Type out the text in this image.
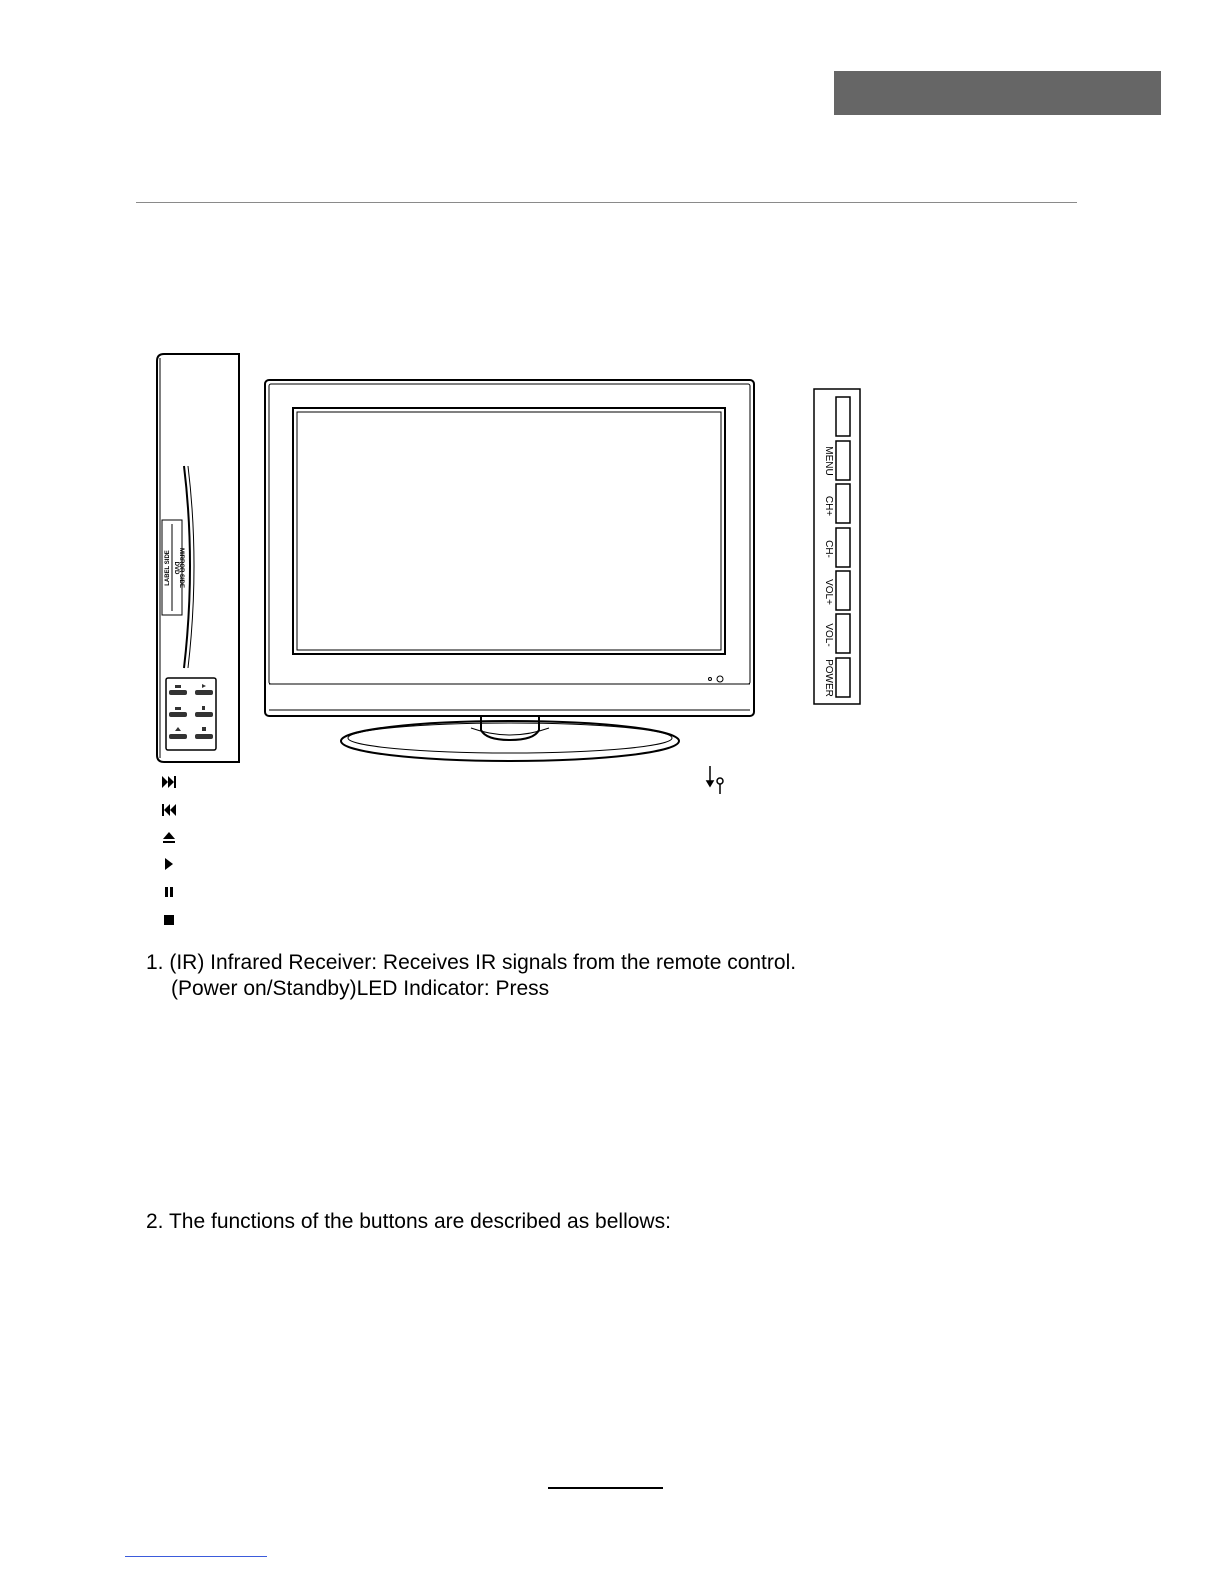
LABEL SIDE DVD MIRROR SIDE
MENU
CH+
CH-
VOL+
VOL-
POWER
1. (IR) Infrared Receiver: Receives IR signals from the remote control.
(Power on/Standby)LED Indicator: Press
2. The functions of the buttons are described as bellows:
